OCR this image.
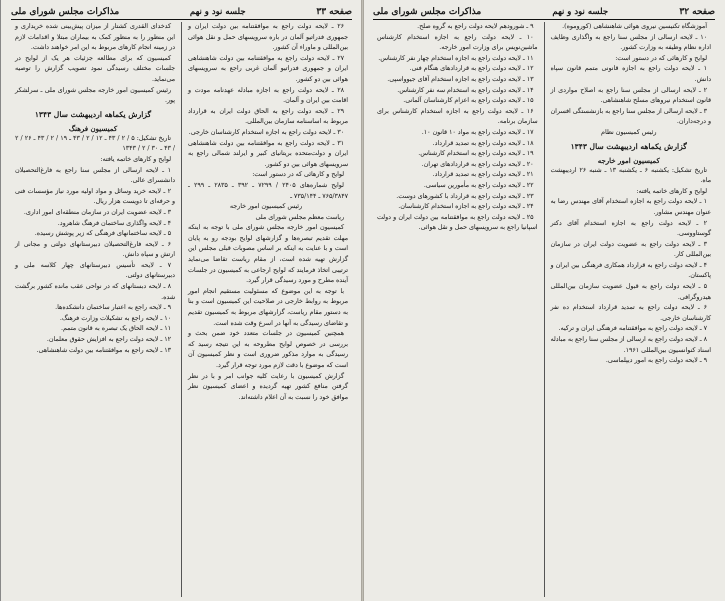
صفحه ۳۳
جلسه نود و نهم
مذاکرات مجلس شورای ملی

۲۶ ـ لایحه دولت راجع به موافقتنامه بین دولت ایران و جمهوری فدراتیو آلمان در باره سرویسهای حمل و نقل هوائی بین‌المللی و ماوراء آن کشور.

۲۷ ـ لایحه دولت راجع به موافقتنامه بین دولت شاهنشاهی ایران و جمهوری فدراتیو آلمان غربی راجع به سرویسهای هوائی بین دو کشور.

۲۸ ـ لایحه دولت راجع به اجازه مبادله عهدنامه مودت و اقامت بین ایران و آلمان.

۲۹ ـ لایحه دولت راجع به الحاق دولت ایران به قرارداد مربوط به اساسنامه سازمان بین‌المللی.

۳۰ ـ لایحه دولت راجع به اجازه استخدام کارشناسان خارجی.

۳۱ ـ لایحه دولت راجع به موافقتنامه بین دولت شاهنشاهی ایران و دولت‌متحده بریتانیای کبیر و ایرلند شمالی راجع به سرویسهای هوائی بین دو کشور.

لوایح و کارهائی که در دستور است:

لوایح شماره‌های ۲۴۰۵ / ۷۲۹۹ ـ ۳۹۲ ـ ۲۸۳۵ ـ ۲۹۹ ـ ۷۶۵/۳۸۴۷ ـ ۷۳۵/۱۴۴ ـ

رئیس کمیسیون امور خارجه

ریاست معظم مجلس شورای ملی

کمیسیون امور خارجه مجلس شورای ملی با توجه به اینکه مهلت تقدیم تبصره‌ها و گزارشهای لوایح بودجه رو به پایان است و با عنایت به اینکه بر اساس مصوبات قبلی مجلس این گزارش تهیه شده است، از مقام ریاست تقاضا می‌نماید ترتیبی اتخاذ فرمایند که لوایح ارجاعی به کمیسیون در جلسات آینده مطرح و مورد رسیدگی قرار گیرد.

با توجه به این موضوع که مسئولیت مستقیم انجام امور مربوط به روابط خارجی در صلاحیت این کمیسیون است و بنا به دستور مقام ریاست، گزارشهای مربوط به کمیسیون تقدیم و تقاضای رسیدگی به آنها در اسرع وقت شده است.

همچنین کمیسیون در جلسات متعدد خود ضمن بحث و بررسی در خصوص لوایح مطروحه به این نتیجه رسید که رسیدگی به موارد مذکور ضروری است و نظر کمیسیون آن است که موضوع با دقت لازم مورد توجه قرار گیرد.

گزارش کمیسیون با رعایت کلیه جوانب امر و با در نظر گرفتن منافع کشور تهیه گردیده و اعضای کمیسیون نظر موافق خود را نسبت به آن اعلام داشته‌اند.

کدخدای القدری کشتار از میزان پیش‌بینی شده خریداری و این منظور را به منظور کمک به بیماران مبتلا و اقدامات لازم در زمینه انجام کارهای مربوط به این امر خواهند داشت.

کمیسیون که برای مطالعه جزئیات هر یک از لوایح در جلسات مختلف رسیدگی نمود تصویب گزارش را توصیه می‌نماید.

رئیس کمیسیون امور خارجه مجلس شورای ملی ـ سرلشکر پور.

گزارش یکماهه اردیبهشت سال ۱۳۴۳

کمیسیون فرهنگ

تاریخ تشکیل: ۵ / ۲ / ۴۳ ـ ۱۲ / ۲ / ۴۳ ـ ۱۹ / ۲ / ۴۳ ـ ۲۶ / ۲ / ۴۳ ـ ۳۰ / ۲ / ۱۳۴۳

لوایح و کارهای خاتمه یافته:

۱ ـ لایحه ارسالی از مجلس سنا راجع به فارغ‌التحصیلان دانشسرای عالی.

۲ ـ لایحه خرید وسائل و مواد اولیه مورد نیاز مؤسسات فنی و حرفه‌ای تا دویست هزار ریال.

۳ ـ لایحه عضویت ایران در سازمان منطقه‌ای امور اداری.

۴ ـ لایحه واگذاری ساختمان فرهنگ شاهرود.

۵ ـ لایحه ساختمانهای فرهنگی که زیر پوشش رسیده.

۶ ـ لایحه فارغ‌التحصیلان دبیرستانهای دولتی و مجانی از ارتش و سپاه دانش.

۷ ـ لایحه تأسیس دبیرستانهای چهار کلاسه ملی و دبیرستانهای دولتی.

۸ ـ لایحه دبستانهای که در نواحی عقب مانده کشور برگشت شده.

۹ ـ لایحه راجع به اعتبار ساختمان دانشکده‌ها.

۱۰ ـ لایحه راجع به تشکیلات وزارت فرهنگ.

۱۱ ـ لایحه الحاق یک تبصره به قانون متمم.

۱۲ ـ لایحه دولت راجع به افزایش حقوق معلمان.

۱۳ ـ لایحه راجع به موافقتنامه بین دولت شاهنشاهی.

صفحه ۳۲
جلسه نود و نهم
مذاکرات مجلس شورای ملی

آموزشگاه تکنیسین نیروی هوائی شاهنشاهی (کوروموه).

۱۰ ـ لایحه ارسالی از مجلس سنا راجع به واگذاری وظایف اداره نظام وظیفه به وزارت کشور.

لوایح و کارهائی که در دستور است:

۱ ـ لایحه دولت راجع به اجازه قانونی متمم قانون سپاه دانش.

۲ ـ لایحه ارسالی از مجلس سنا راجع به اصلاح مواردی از قانون استخدام نیروهای مسلح شاهنشاهی.

۳ ـ لایحه ارسالی از مجلس سنا راجع به بازنشستگی افسران و درجه‌داران.

رئیس کمیسیون نظام

گزارش یکماهه اردیبهشت سال ۱۳۴۳

کمیسیون امور خارجه

تاریخ تشکیل: یکشنبه ۶ ـ یکشنبه ۱۳ ـ شنبه ۲۶ اردیبهشت ماه.

لوایح و کارهای خاتمه یافته:

۱ ـ لایحه دولت راجع به اجازه استخدام آقای مهندس رضا به عنوان مهندس مشاور.

۲ ـ لایحه دولت راجع به اجازه استخدام آقای دکتر گوستاووسی.

۳ ـ لایحه دولت راجع به عضویت دولت ایران در سازمان بین‌المللی کار.

۴ ـ لایحه دولت راجع به قرارداد همکاری فرهنگی بین ایران و پاکستان.

۵ ـ لایحه دولت راجع به قبول عضویت سازمان بین‌المللی هیدروگرافی.

۶ ـ لایحه دولت راجع به تمدید قرارداد استخدام ده نفر کارشناسان خارجی.

۷ ـ لایحه دولت راجع به موافقتنامه فرهنگی ایران و ترکیه.

۸ ـ لایحه دولت راجع به ارسالی از مجلس سنا راجع به مبادله اسناد کنوانسیون بین‌المللی ۱۹۶۱.

۹ ـ لایحه دولت راجع به امور دیپلماسی.

۹ ـ شورودهم لایحه دولت راجع به گروه صلح.

۱۰ ـ لایحه دولت راجع به اجازه استخدام کارشناس ماشین‌نویس برای وزارت امور خارجه.

۱۱ ـ لایحه دولت راجع به اجازه استخدام چهار نفر کارشناس.

۱۲ ـ لایحه دولت راجع به قراردادهای هنگام فنی.

۱۳ ـ لایحه دولت راجع به اجازه استخدام آقای جیوواسپی.

۱۴ ـ لایحه دولت راجع به استخدام سه نفر کارشناس.

۱۵ ـ لایحه دولت راجع به اعزام کارشناسان آلمانی.

۱۶ ـ لایحه دولت راجع به اجازه استخدام کارشناس برای سازمان برنامه.

۱۷ ـ لایحه دولت راجع به مواد ۱۰ قانون ۱۰.

۱۸ ـ لایحه دولت راجع به تمدید قرارداد.

۱۹ ـ لایحه دولت راجع به استخدام کارشناس.

۲۰ ـ لایحه دولت راجع به قراردادهای تهران.

۲۱ ـ لایحه دولت راجع به تمدید قرارداد.

۲۲ ـ لایحه دولت راجع به مأمورین سیاسی.

۲۳ ـ لایحه دولت راجع به قرارداد با کشورهای دوست.

۲۴ ـ لایحه دولت راجع به اجازه استخدام کارشناسان.

۲۵ ـ لایحه دولت راجع به موافقتنامه بین دولت ایران و دولت اسپانیا راجع به سرویسهای حمل و نقل هوائی.
